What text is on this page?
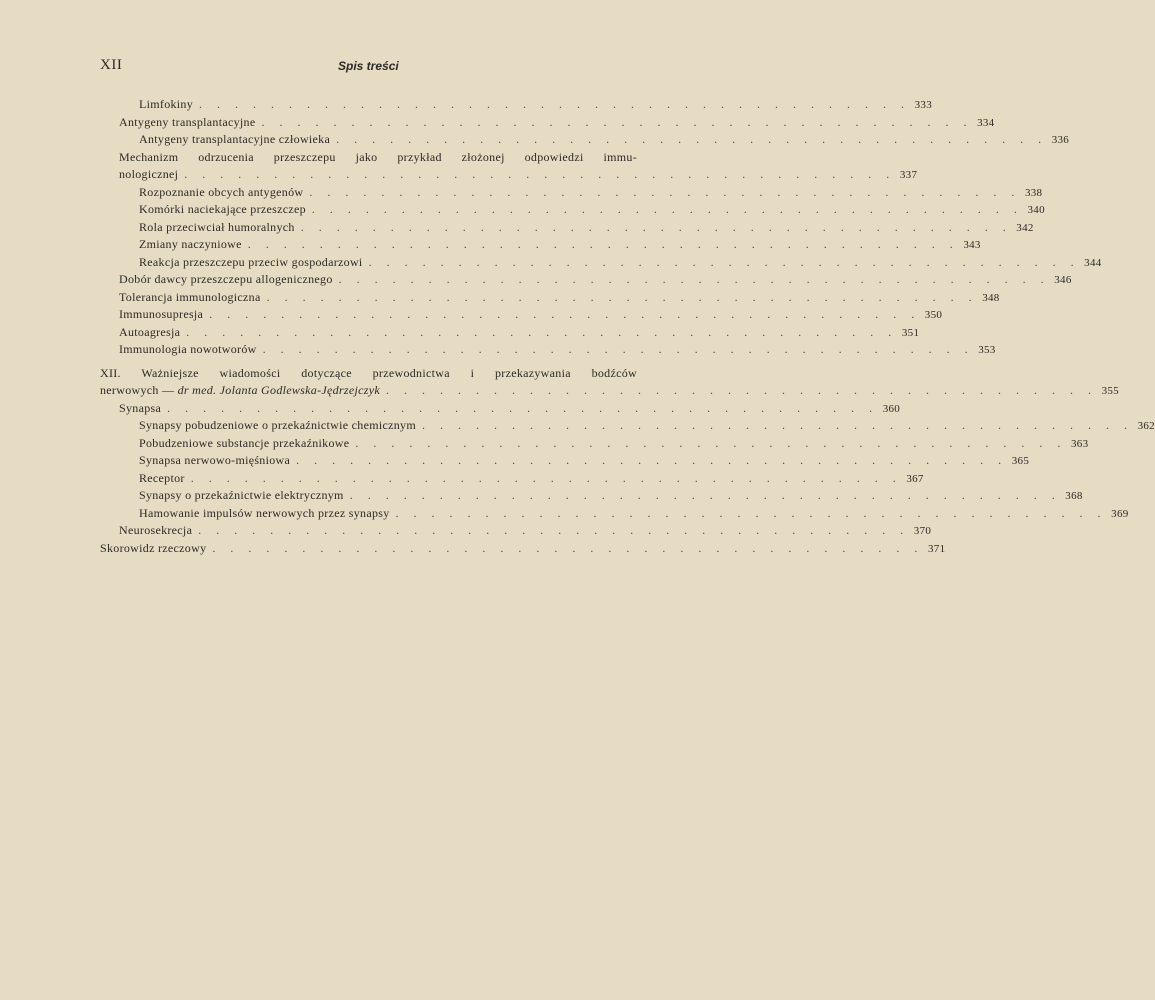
XII	Spis treści
Limfokiny . . . . . . . . . . . . . . . . . . . . . . . . . . . . . . . . . . . . . . . . 333
Antygeny transplantacyjne . . . . . . . . . . . . . . . . . . . . . . . . . . . . . . . . . . . . . . . . 334
Antygeny transplantacyjne człowieka . . . . . . . . . . . . . . . . . . . . . . . . . . . . . . . . . . . . . . . . 336
Mechanizm odrzucenia przeszczepu jako przykład złożonej odpowiedzi immu-
nologicznej . . . . . . . . . . . . . . . . . . . . . . . . . . . . . . . . . . . . . . . . 337
Rozpoznanie obcych antygenów . . . . . . . . . . . . . . . . . . . . . . . . . . . . . . . . . . . . . . . . 338
Komórki naciekające przeszczep . . . . . . . . . . . . . . . . . . . . . . . . . . . . . . . . . . . . . . . . 340
Rola przeciwciał humoralnych . . . . . . . . . . . . . . . . . . . . . . . . . . . . . . . . . . . . . . . . 342
Zmiany naczyniowe . . . . . . . . . . . . . . . . . . . . . . . . . . . . . . . . . . . . . . . . 343
Reakcja przeszczepu przeciw gospodarzowi . . . . . . . . . . . . . . . . . . . . . . . . . . . . . . . . . . . . . . . . 344
Dobór dawcy przeszczepu allogenicznego . . . . . . . . . . . . . . . . . . . . . . . . . . . . . . . . . . . . . . . . 346
Tolerancja immunologiczna . . . . . . . . . . . . . . . . . . . . . . . . . . . . . . . . . . . . . . . . 348
Immunosupresja . . . . . . . . . . . . . . . . . . . . . . . . . . . . . . . . . . . . . . . . 350
Autoagresja . . . . . . . . . . . . . . . . . . . . . . . . . . . . . . . . . . . . . . . . 351
Immunologia nowotworów . . . . . . . . . . . . . . . . . . . . . . . . . . . . . . . . . . . . . . . . 353
XII. Ważniejsze wiadomości dotyczące przewodnictwa i przekazywania bodźców
nerwowych — dr med. Jolanta Godlewska-Jędrzejczyk . . . . . . . . . . . . . . . . . . . . . . . . . . . . . . . . . . . . . . . . 355
Synapsa . . . . . . . . . . . . . . . . . . . . . . . . . . . . . . . . . . . . . . . . 360
Synapsy pobudzeniowe o przekaźnictwie chemicznym . . . . . . . . . . . . . . . . . . . . . . . . . . . . . . . . . . . . . . . . 362
Pobudzeniowe substancje przekaźnikowe . . . . . . . . . . . . . . . . . . . . . . . . . . . . . . . . . . . . . . . . 363
Synapsa nerwowo-mięśniowa . . . . . . . . . . . . . . . . . . . . . . . . . . . . . . . . . . . . . . . . 365
Receptor . . . . . . . . . . . . . . . . . . . . . . . . . . . . . . . . . . . . . . . . 367
Synapsy o przekaźnictwie elektrycznym . . . . . . . . . . . . . . . . . . . . . . . . . . . . . . . . . . . . . . . . 368
Hamowanie impulsów nerwowych przez synapsy . . . . . . . . . . . . . . . . . . . . . . . . . . . . . . . . . . . . . . . . 369
Neurosekrecja . . . . . . . . . . . . . . . . . . . . . . . . . . . . . . . . . . . . . . . . 370
Skorowidz rzeczowy . . . . . . . . . . . . . . . . . . . . . . . . . . . . . . . . . . . . . . . . 371
